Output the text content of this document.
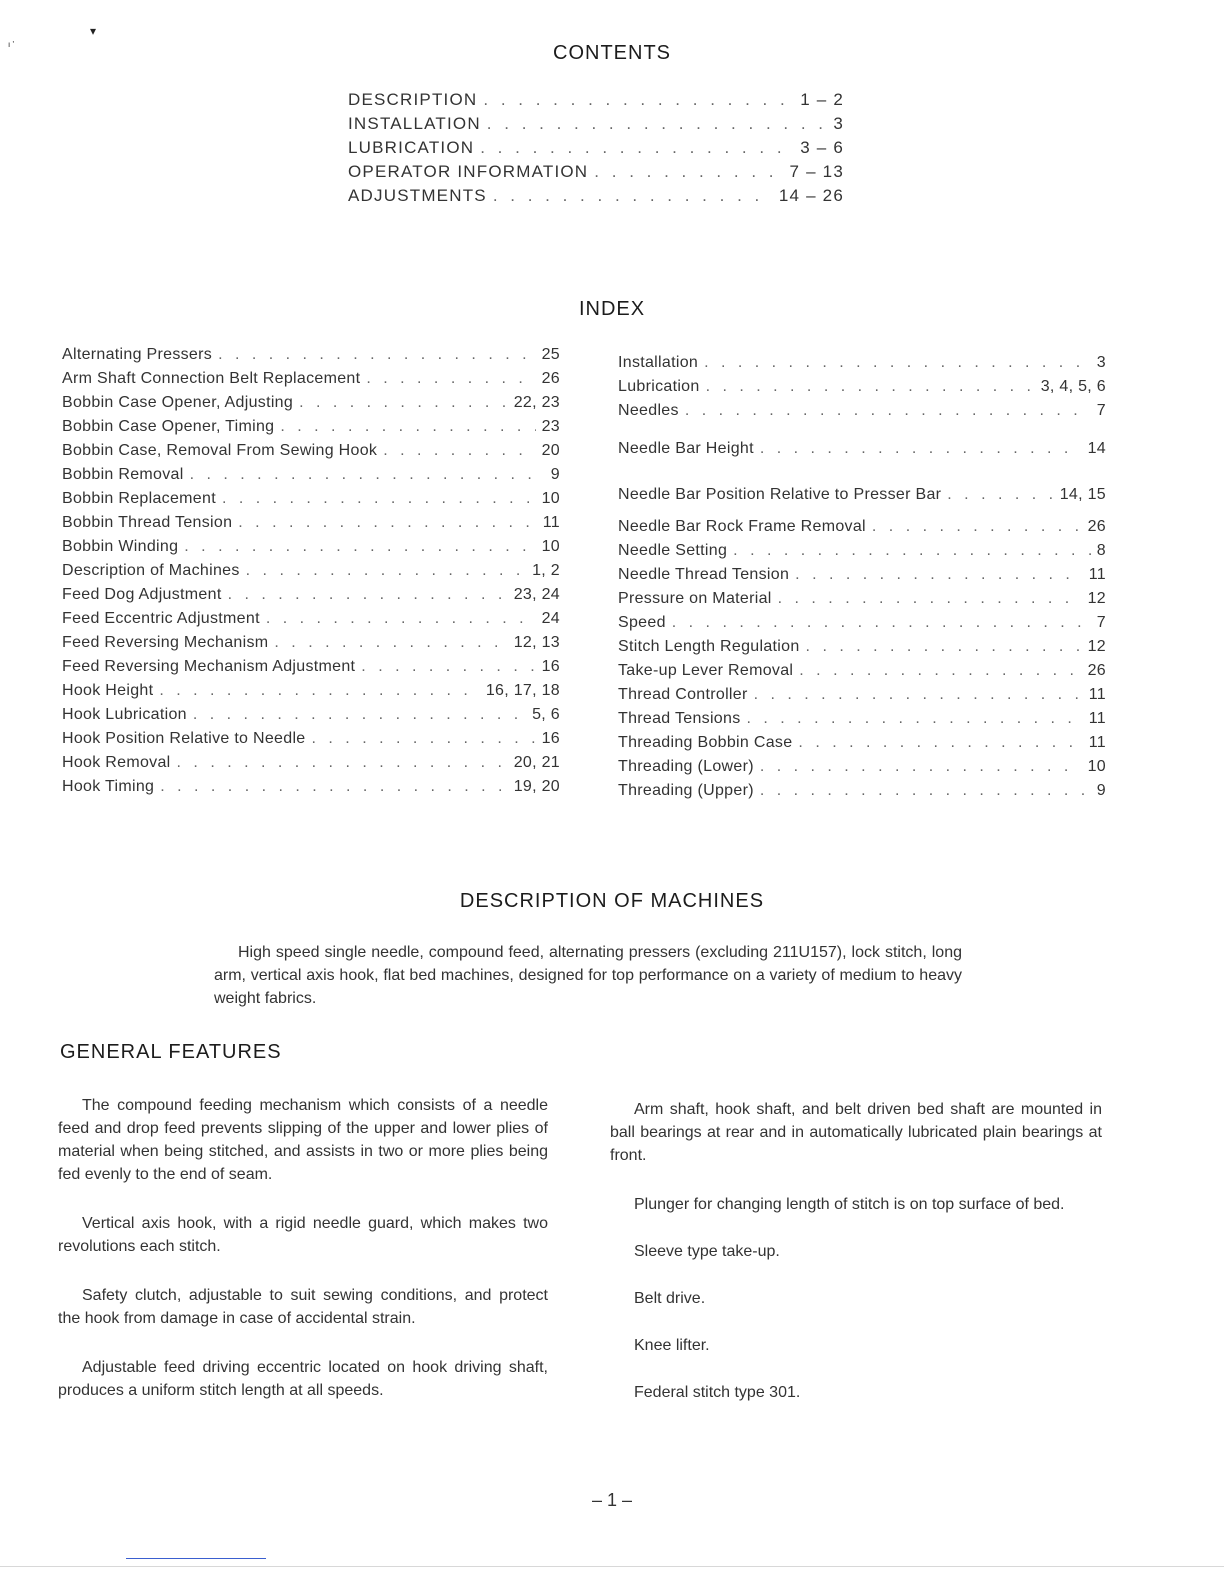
▾
ı '	CONTENTS
DESCRIPTION . . .	1 – 2
INSTALLATION . . .	3
LUBRICATION . . .	3 – 6
OPERATOR INFORMATION . . .	7 – 13
ADJUSTMENTS . . .	14 – 26
INDEX
Alternating Pressers . . .	25
Arm Shaft Connection Belt Replacement . . .	26
Bobbin Case Opener, Adjusting . . .	22, 23
Bobbin Case Opener, Timing . . .	23
Bobbin Case, Removal From Sewing Hook . . .	20
Bobbin Removal . . .	9
Bobbin Replacement . . .	10
Bobbin Thread Tension . . .	11
Bobbin Winding . . .	10
Description of Machines . . .	1, 2
Feed Dog Adjustment . . .	23, 24
Feed Eccentric Adjustment . . .	24
Feed Reversing Mechanism . . .	12, 13
Feed Reversing Mechanism Adjustment . . .	16
Hook Height . . .	16, 17, 18
Hook Lubrication . . .	5, 6
Hook Position Relative to Needle . . .	16
Hook Removal . . .	20, 21
Hook Timing . . .	19, 20
Installation . . .	3
Lubrication . . .	3, 4, 5, 6
Needles . . .	7
Needle Bar Height . . .	14
Needle Bar Position Relative to Presser Bar . . .	14, 15
Needle Bar Rock Frame Removal . . .	26
Needle Setting . . .	8
Needle Thread Tension . . .	11
Pressure on Material . . .	12
Speed . . .	7
Stitch Length Regulation . . .	12
Take-up Lever Removal . . .	26
Thread Controller . . .	11
Thread Tensions . . .	11
Threading Bobbin Case . . .	11
Threading (Lower) . . .	10
Threading (Upper) . . .	9
DESCRIPTION OF MACHINES
High speed single needle, compound feed, alternating pressers (excluding 211U157), lock stitch, long arm, vertical axis hook, flat bed machines, designed for top performance on a variety of medium to heavy weight fabrics.
GENERAL FEATURES

The compound feeding mechanism which consists of a needle feed and drop feed prevents slipping of the upper and lower plies of material when being stitched, and assists in two or more plies being fed evenly to the end of seam.

Vertical axis hook, with a rigid needle guard, which makes two revolutions each stitch.

Safety clutch, adjustable to suit sewing conditions, and protect the hook from damage in case of accidental strain.

Adjustable feed driving eccentric located on hook driving shaft, produces a uniform stitch length at all speeds.

Arm shaft, hook shaft, and belt driven bed shaft are mounted in ball bearings at rear and in automatically lubricated plain bearings at front.

Plunger for changing length of stitch is on top surface of bed.

Sleeve type take-up.

Belt drive.

Knee lifter.

Federal stitch type 301.

– 1 –
